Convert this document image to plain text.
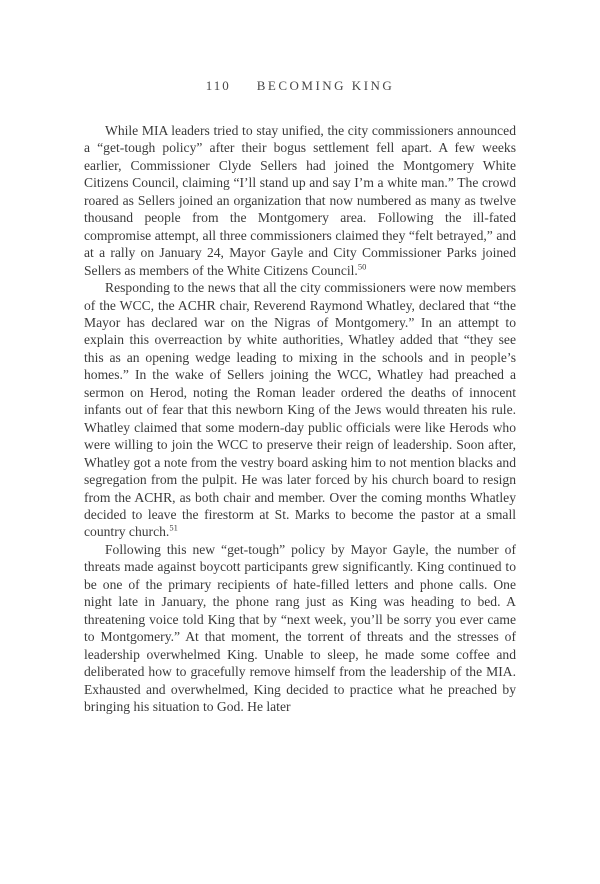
110 BECOMING KING

While MIA leaders tried to stay unified, the city commissioners announced a “get-tough policy” after their bogus settlement fell apart. A few weeks earlier, Commissioner Clyde Sellers had joined the Montgomery White Citizens Council, claiming “I’ll stand up and say I’m a white man.” The crowd roared as Sellers joined an organization that now numbered as many as twelve thousand people from the Montgomery area. Following the ill-fated compromise attempt, all three commissioners claimed they “felt betrayed,” and at a rally on January 24, Mayor Gayle and City Commissioner Parks joined Sellers as members of the White Citizens Council.$^{50}$

Responding to the news that all the city commissioners were now members of the WCC, the ACHR chair, Reverend Raymond Whatley, declared that “the Mayor has declared war on the Nigras of Montgomery.” In an attempt to explain this overreaction by white authorities, Whatley added that “they see this as an opening wedge leading to mixing in the schools and in people’s homes.” In the wake of Sellers joining the WCC, Whatley had preached a sermon on Herod, noting the Roman leader ordered the deaths of innocent infants out of fear that this newborn King of the Jews would threaten his rule. Whatley claimed that some modern-day public officials were like Herods who were willing to join the WCC to preserve their reign of leadership. Soon after, Whatley got a note from the vestry board asking him to not mention blacks and segregation from the pulpit. He was later forced by his church board to resign from the ACHR, as both chair and member. Over the coming months Whatley decided to leave the firestorm at St. Marks to become the pastor at a small country church.$^{51}$

Following this new “get-tough” policy by Mayor Gayle, the number of threats made against boycott participants grew significantly. King continued to be one of the primary recipients of hate-filled letters and phone calls. One night late in January, the phone rang just as King was heading to bed. A threatening voice told King that by “next week, you’ll be sorry you ever came to Montgomery.” At that moment, the torrent of threats and the stresses of leadership overwhelmed King. Unable to sleep, he made some coffee and deliberated how to gracefully remove himself from the leadership of the MIA. Exhausted and overwhelmed, King decided to practice what he preached by bringing his situation to God. He later
